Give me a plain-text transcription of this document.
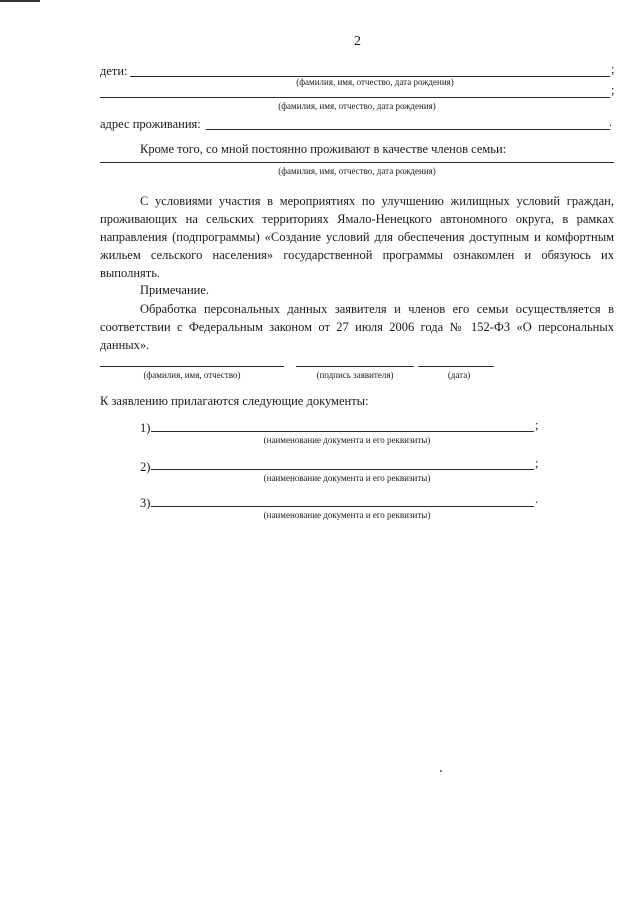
2
дети:	;
(фамилия, имя, отчество, дата рождения)
;
(фамилия, имя, отчество, дата рождения)
адрес проживания:	.
Кроме того, со мной постоянно проживают в качестве членов семьи:
(фамилия, имя, отчество, дата рождения)
С условиями участия в мероприятиях по улучшению жилищных условий граждан, проживающих на сельских территориях Ямало-Ненецкого автономного округа, в рамках направления (подпрограммы) «Создание условий для обеспечения доступным и комфортным жильем сельского населения» государственной программы ознакомлен и обязуюсь их выполнять.
Примечание.
Обработка персональных данных заявителя и членов его семьи осуществляется в соответствии с Федеральным законом от 27 июля 2006 года № 152-ФЗ «О персональных данных».
(фамилия, имя, отчество)	(подпись заявителя)	(дата)
К заявлению прилагаются следующие документы:
1)	;
(наименование документа и его реквизиты)
2)	;
(наименование документа и его реквизиты)
3)	.
(наименование документа и его реквизиты)
